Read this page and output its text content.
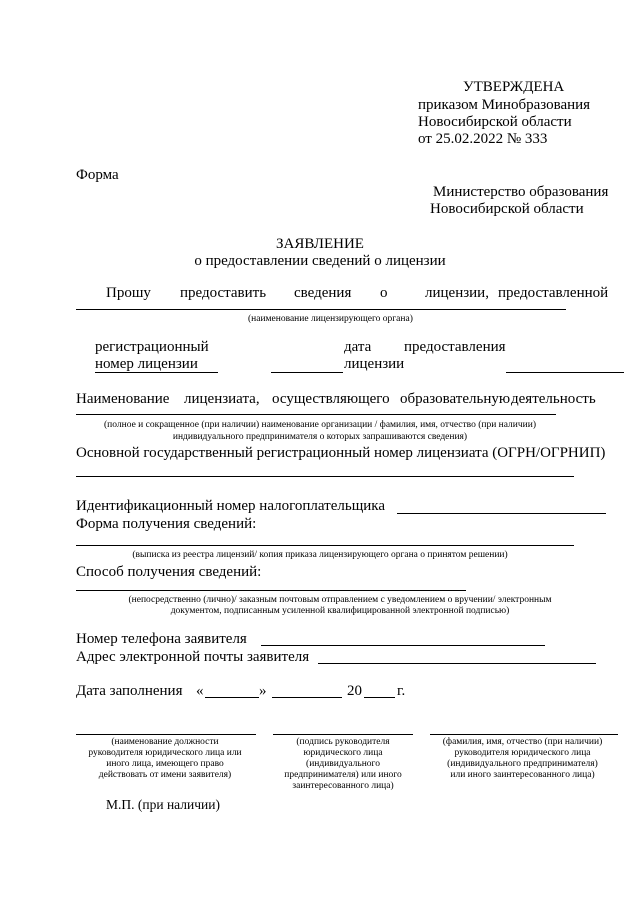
УТВЕРЖДЕНА
приказом Минобразования
Новосибирской области
от 25.02.2022 № 333
Форма
Министерство образования
Новосибирской области
ЗАЯВЛЕНИЕ
о предоставлении сведений о лицензии
Прошу предоставить сведения о	лицензии, предоставленной
(наименование лицензирующего органа)
регистрационный
номер лицензии
дата предоставления
лицензии
Наименование лицензиата, осуществляющего образовательную деятельность
(полное и сокращенное (при наличии) наименование организации / фамилия, имя, отчество (при наличии)
индивидуального предпринимателя о которых запрашиваются сведения)
Основной государственный регистрационный номер лицензиата (ОГРН/ОГРНИП)
Идентификационный номер налогоплательщика
Форма получения сведений:
(выписка из реестра лицензий/ копия приказа лицензирующего органа о принятом решении)
Способ получения сведений:
(непосредственно (лично)/ заказным почтовым отправлением с уведомлением о вручении/ электронным
документом, подписанным усиленной квалифицированной электронной подписью)
Номер телефона заявителя
Адрес электронной почты заявителя
Дата заполнения «	»	20 г.
(наименование должности
руководителя юридического лица или
иного лица, имеющего право
действовать от имени заявителя)
(подпись руководителя
юридического лица
(индивидуального
предпринимателя) или иного
заинтересованного лица)
(фамилия, имя, отчество (при наличии)
руководителя юридического лица
(индивидуального предпринимателя)
или иного заинтересованного лица)
М.П. (при наличии)
